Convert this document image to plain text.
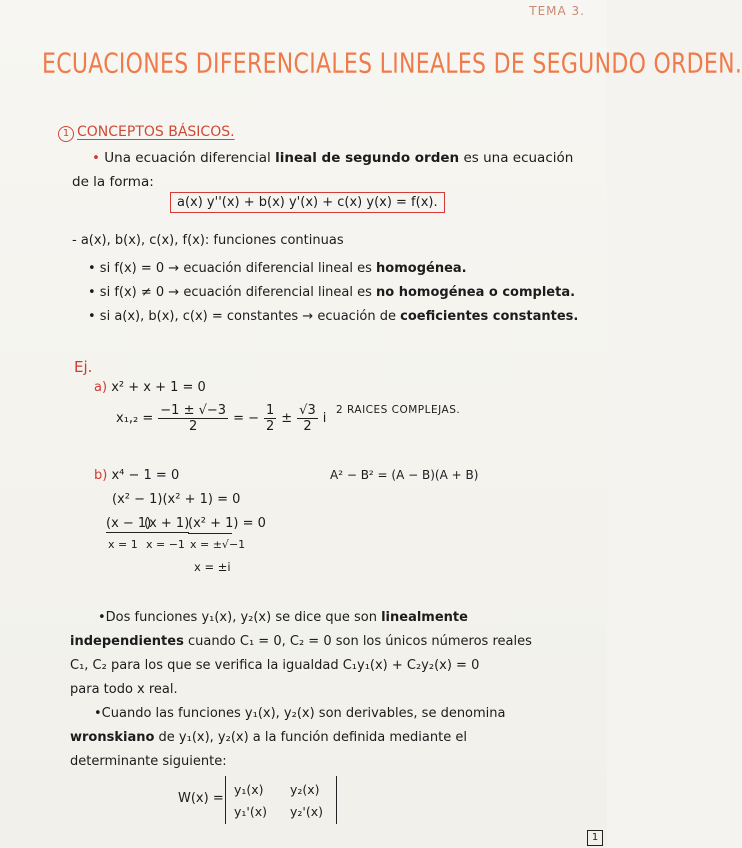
TEMA 3.
ECUACIONES DIFERENCIALES LINEALES DE SEGUNDO ORDEN.
1 CONCEPTOS BÁSICOS.
• Una ecuación diferencial lineal de segundo orden es una ecuación
de la forma:
a(x) y''(x) + b(x) y'(x) + c(x) y(x) = f(x).
- a(x), b(x), c(x), f(x): funciones continuas
• si f(x) = 0 → ecuación diferencial lineal es homogénea.
• si f(x) ≠ 0 → ecuación diferencial lineal es no homogénea o completa.
• si a(x), b(x), c(x) = constantes → ecuación de coeficientes constantes.
Ej.
a) x² + x + 1 = 0
$x_1,_2 = \frac{-1 \pm √-3}{2}$ = − $\frac{1}{2} \pm \frac{√3}{2}$ i
2 RAICES COMPLEJAS.
b) x⁴ − 1 = 0	A² − B² = (A − B)(A + B)
(x² − 1)(x² + 1) = 0
(x − 1)
(x + 1)
(x² + 1) = 0
x = 1 x = −1 x = ±√−1
x = ±i
•Dos funciones y₁(x), y₂(x) se dice que son linealmente
independientes cuando C₁ = 0, C₂ = 0 son los únicos números reales
C₁, C₂ para los que se verifica la igualdad C₁y₁(x) + C₂y₂(x) = 0
para todo x real.
•Cuando las funciones y₁(x), y₂(x) son derivables, se denomina
wronskiano de y₁(x), y₂(x) a la función definida mediante el
determinante siguiente:
W(x) =
y₁(x) y₂(x)
y₁'(x) y₂'(x)
1
